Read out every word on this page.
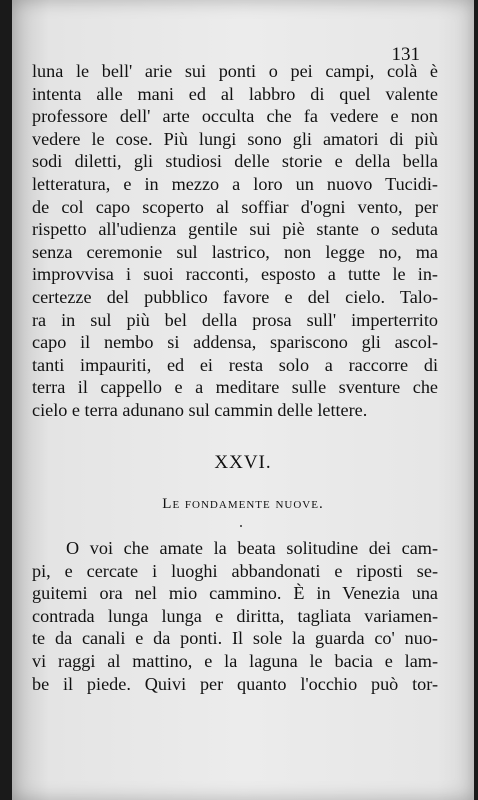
131
luna le bell' arie sui ponti o pei campi, colà è
intenta alle mani ed al labbro di quel valente
professore dell' arte occulta che fa vedere e non
vedere le cose. Più lungi sono gli amatori di più
sodi diletti, gli studiosi delle storie e della bella
letteratura, e in mezzo a loro un nuovo Tucidi-
de col capo scoperto al soffiar d'ogni vento, per
rispetto all'udienza gentile sui piè stante o seduta
senza ceremonie sul lastrico, non legge no, ma
improvvisa i suoi racconti, esposto a tutte le in-
certezze del pubblico favore e del cielo. Talo-
ra in sul più bel della prosa sull' imperterrito
capo il nembo si addensa, spariscono gli ascol-
tanti impauriti, ed ei resta solo a raccorre di
terra il cappello e a meditare sulle sventure che
cielo e terra adunano sul cammin delle lettere.
XXVI.
Le fondamente nuove.
O voi che amate la beata solitudine dei cam-
pi, e cercate i luoghi abbandonati e riposti se-
guitemi ora nel mio cammino. È in Venezia una
contrada lunga lunga e diritta, tagliata variamen-
te da canali e da ponti. Il sole la guarda co' nuo-
vi raggi al mattino, e la laguna le bacia e lam-
be il piede. Quivi per quanto l'occhio può tor-
